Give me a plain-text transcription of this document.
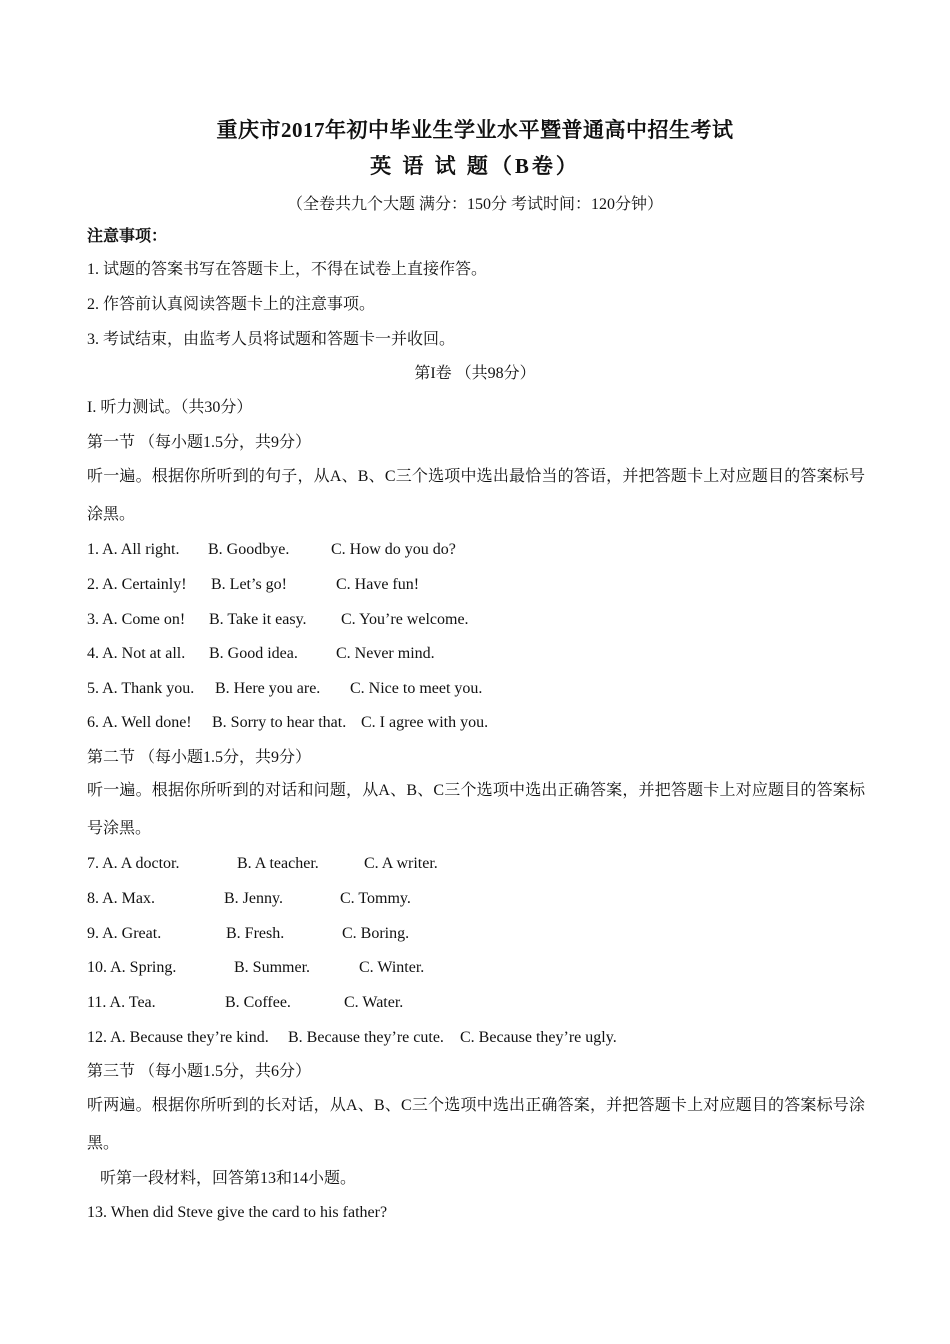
重庆市2017年初中毕业生学业水平暨普通高中招生考试
英 语 试 题（B卷）
（全卷共九个大题 满分：150分 考试时间：120分钟）
注意事项：
1. 试题的答案书写在答题卡上，不得在试卷上直接作答。
2. 作答前认真阅读答题卡上的注意事项。
3. 考试结束，由监考人员将试题和答题卡一并收回。
第I卷 （共98分）
I. 听力测试。（共30分）
第一节 （每小题1.5分，共9分）
听一遍。根据你所听到的句子，从A、B、C三个选项中选出最恰当的答语，并把答题卡上对应题目的答案标号涂黑。
1. A. All right. B. Goodbye.	C. How do you do?
2. A. Certainly! B. Let’s go!	C. Have fun!
3. A. Come on! B. Take it easy. C. You’re welcome.
4. A. Not at all. B. Good idea. C. Never mind.
5. A. Thank you. B. Here you are. C. Nice to meet you.
6. A. Well done! B. Sorry to hear that. C. I agree with you.
第二节 （每小题1.5分，共9分）
听一遍。根据你所听到的对话和问题，从A、B、C三个选项中选出正确答案，并把答题卡上对应题目的答案标号涂黑。
7. A. A doctor.	B. A teacher.	C. A writer.
8. A. Max.	B. Jenny.	C. Tommy.
9. A. Great.	B. Fresh.	C. Boring.
10. A. Spring.	B. Summer.	C. Winter.
11. A. Tea.	B. Coffee.	C. Water.
12. A. Because they’re kind. B. Because they’re cute. C. Because they’re ugly.
第三节 （每小题1.5分，共6分）
听两遍。根据你所听到的长对话，从A、B、C三个选项中选出正确答案，并把答题卡上对应题目的答案标号涂黑。
听第一段材料，回答第13和14小题。
13. When did Steve give the card to his father?
